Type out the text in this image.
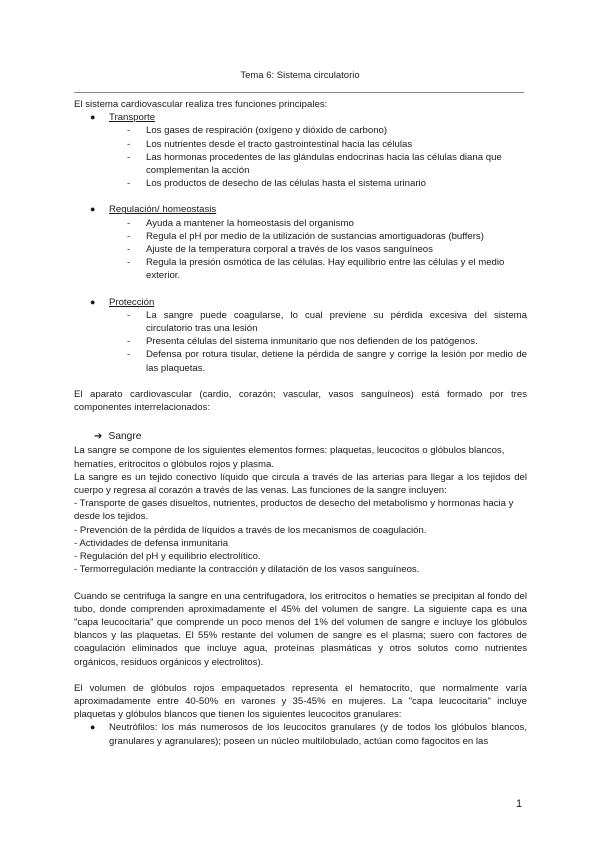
Tema 6: Sistema circulatorio

El sistema cardiovascular realiza tres funciones principales:

● Transporte
- Los gases de respiración (oxígeno y dióxido de carbono)
- Los nutrientes desde el tracto gastrointestinal hacia las células
- Las hormonas procedentes de las glándulas endocrinas hacia las células diana que complementan la acción
- Los productos de desecho de las células hasta el sistema urinario
● Regulación/ homeostasis
- Ayuda a mantener la homeostasis del organismo
- Regula el pH por medio de la utilización de sustancias amortiguadoras (buffers)
- Ajuste de la temperatura corporal a través de los vasos sanguíneos
- Regula la presión osmótica de las células. Hay equilibrio entre las células y el medio exterior.
● Protección
- La sangre puede coagularse, lo cual previene su pérdida excesiva del sistema circulatorio tras una lesión
- Presenta células del sistema inmunitario que nos defienden de los patógenos.
- Defensa por rotura tisular, detiene la pérdida de sangre y corrige la lesión por medio de las plaquetas.

El aparato cardiovascular (cardio, corazón; vascular, vasos sanguíneos) está formado por tres componentes interrelacionados:

➔ Sangre

La sangre se compone de los siguientes elementos formes: plaquetas, leucocitos o glóbulos blancos, hematíes, eritrocitos o glóbulos rojos y plasma.

La sangre es un tejido conectivo líquido que circula a través de las arterias para llegar a los tejidos del cuerpo y regresa al corazón a través de las venas. Las funciones de la sangre incluyen:

- Transporte de gases disueltos, nutrientes, productos de desecho del metabolismo y hormonas hacia y desde los tejidos.

- Prevención de la pérdida de líquidos a través de los mecanismos de coagulación.

- Actividades de defensa inmunitaria

- Regulación del pH y equilibrio electrolítico.

- Termorregulación mediante la contracción y dilatación de los vasos sanguíneos.

Cuando se centrifuga la sangre en una centrifugadora, los eritrocitos o hematíes se precipitan al fondo del tubo, donde comprenden aproximadamente el 45% del volumen de sangre. La siguiente capa es una "capa leucocitaria" que comprende un poco menos del 1% del volumen de sangre e incluye los glóbulos blancos y las plaquetas. El 55% restante del volumen de sangre es el plasma; suero con factores de coagulación eliminados que incluye agua, proteínas plasmáticas y otros solutos como nutrientes orgánicos, residuos orgánicos y electrolitos).

El volumen de glóbulos rojos empaquetados representa el hematocrito, que normalmente varía aproximadamente entre 40-50% en varones y 35-45% en mujeres. La "capa leucocitaria" incluye plaquetas y glóbulos blancos que tienen los siguientes leucocitos granulares:

● Neutrófilos: los más numerosos de los leucocitos granulares (y de todos los glóbulos blancos, granulares y agranulares); poseen un núcleo multilobulado, actúan como fagocitos en las
1
